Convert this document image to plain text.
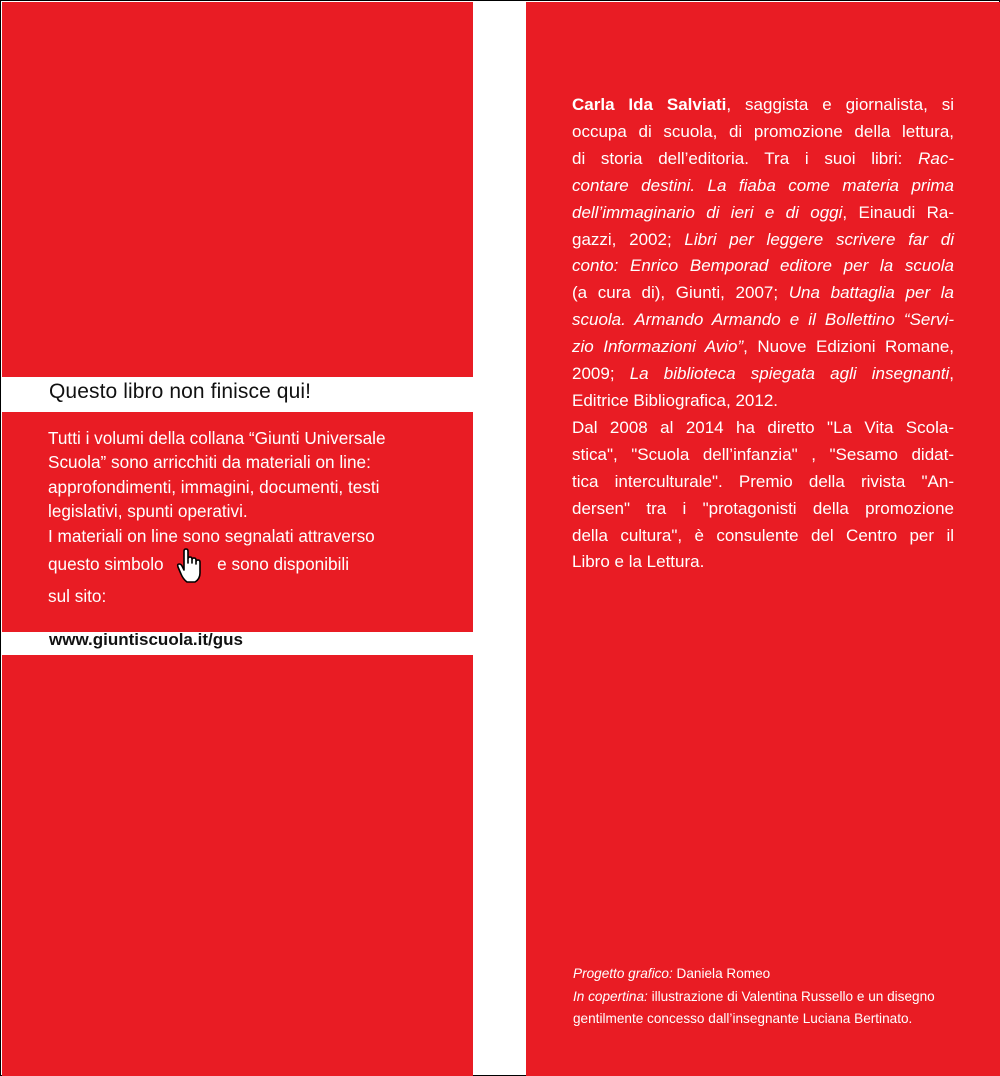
Questo libro non finisce qui!

Tutti i volumi della collana “Giunti Universale

Scuola” sono arricchiti da materiali on line:

approfondimenti, immagini, documenti, testi

legislativi, spunti operativi.

I materiali on line sono segnalati attraverso

questo simbolo	e sono disponibili

sul sito:

www.giuntiscuola.it/gus
Carla Ida Salviati, saggista e giornalista, si
occupa di scuola, di promozione della lettura,
di storia dell’editoria. Tra i suoi libri: Rac-
contare destini. La fiaba come materia prima
dell’immaginario di ieri e di oggi, Einaudi Ra-
gazzi, 2002; Libri per leggere scrivere far di
conto: Enrico Bemporad editore per la scuola
(a cura di), Giunti, 2007; Una battaglia per la
scuola. Armando Armando e il Bollettino “Servi-
zio Informazioni Avio”, Nuove Edizioni Romane,
2009; La biblioteca spiegata agli insegnanti,
Editrice Bibliografica, 2012.
Dal 2008 al 2014 ha diretto "La Vita Scola-
stica", "Scuola dell’infanzia" , "Sesamo didat-
tica interculturale". Premio della rivista "An-
dersen" tra i "protagonisti della promozione
della cultura", è consulente del Centro per il
Libro e la Lettura.
Progetto grafico: Daniela Romeo
In copertina: illustrazione di Valentina Russello e un disegno
gentilmente concesso dall’insegnante Luciana Bertinato.
